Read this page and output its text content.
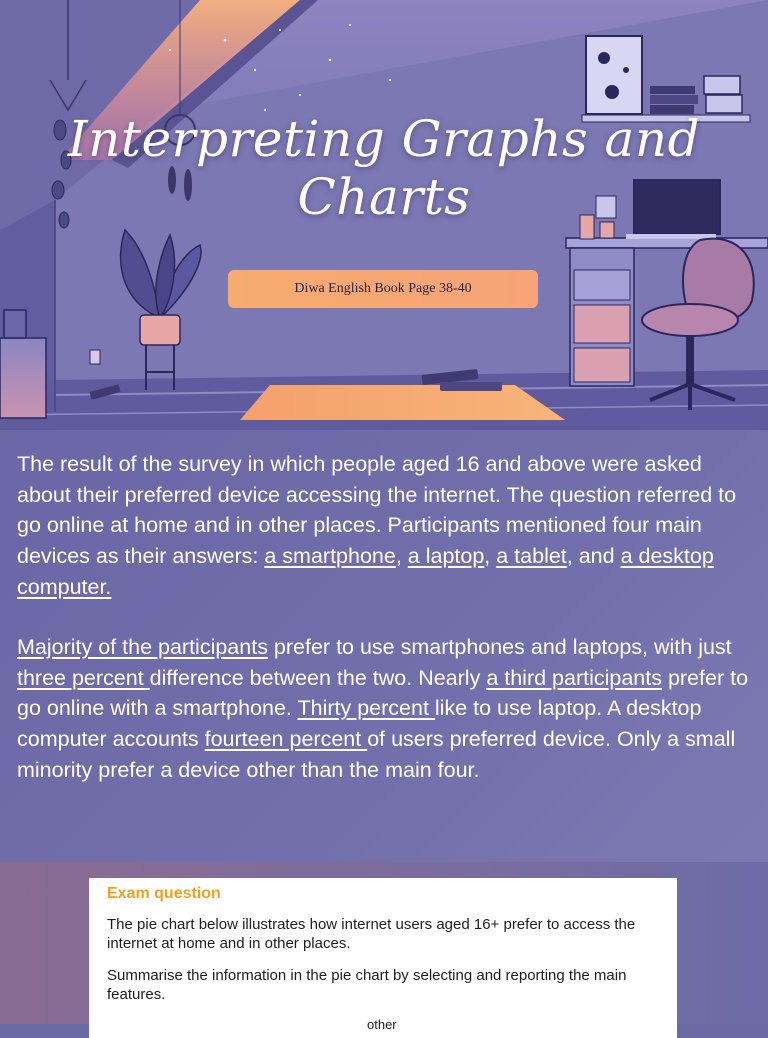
Interpreting Graphs and Charts
Diwa English Book Page 38-40

The result of the survey in which people aged 16 and above were asked about their preferred device accessing the internet. The question referred to go online at home and in other places. Participants mentioned four main devices as their answers: a smartphone, a laptop, a tablet, and a desktop computer.

Majority of the participants prefer to use smartphones and laptops, with just three percent difference between the two. Nearly a third participants prefer to go online with a smartphone. Thirty percent like to use laptop. A desktop computer accounts fourteen percent of users preferred device. Only a small minority prefer a device other than the main four.

Exam question

The pie chart below illustrates how internet users aged 16+ prefer to access the internet at home and in other places.

Summarise the information in the pie chart by selecting and reporting the main features.

other
